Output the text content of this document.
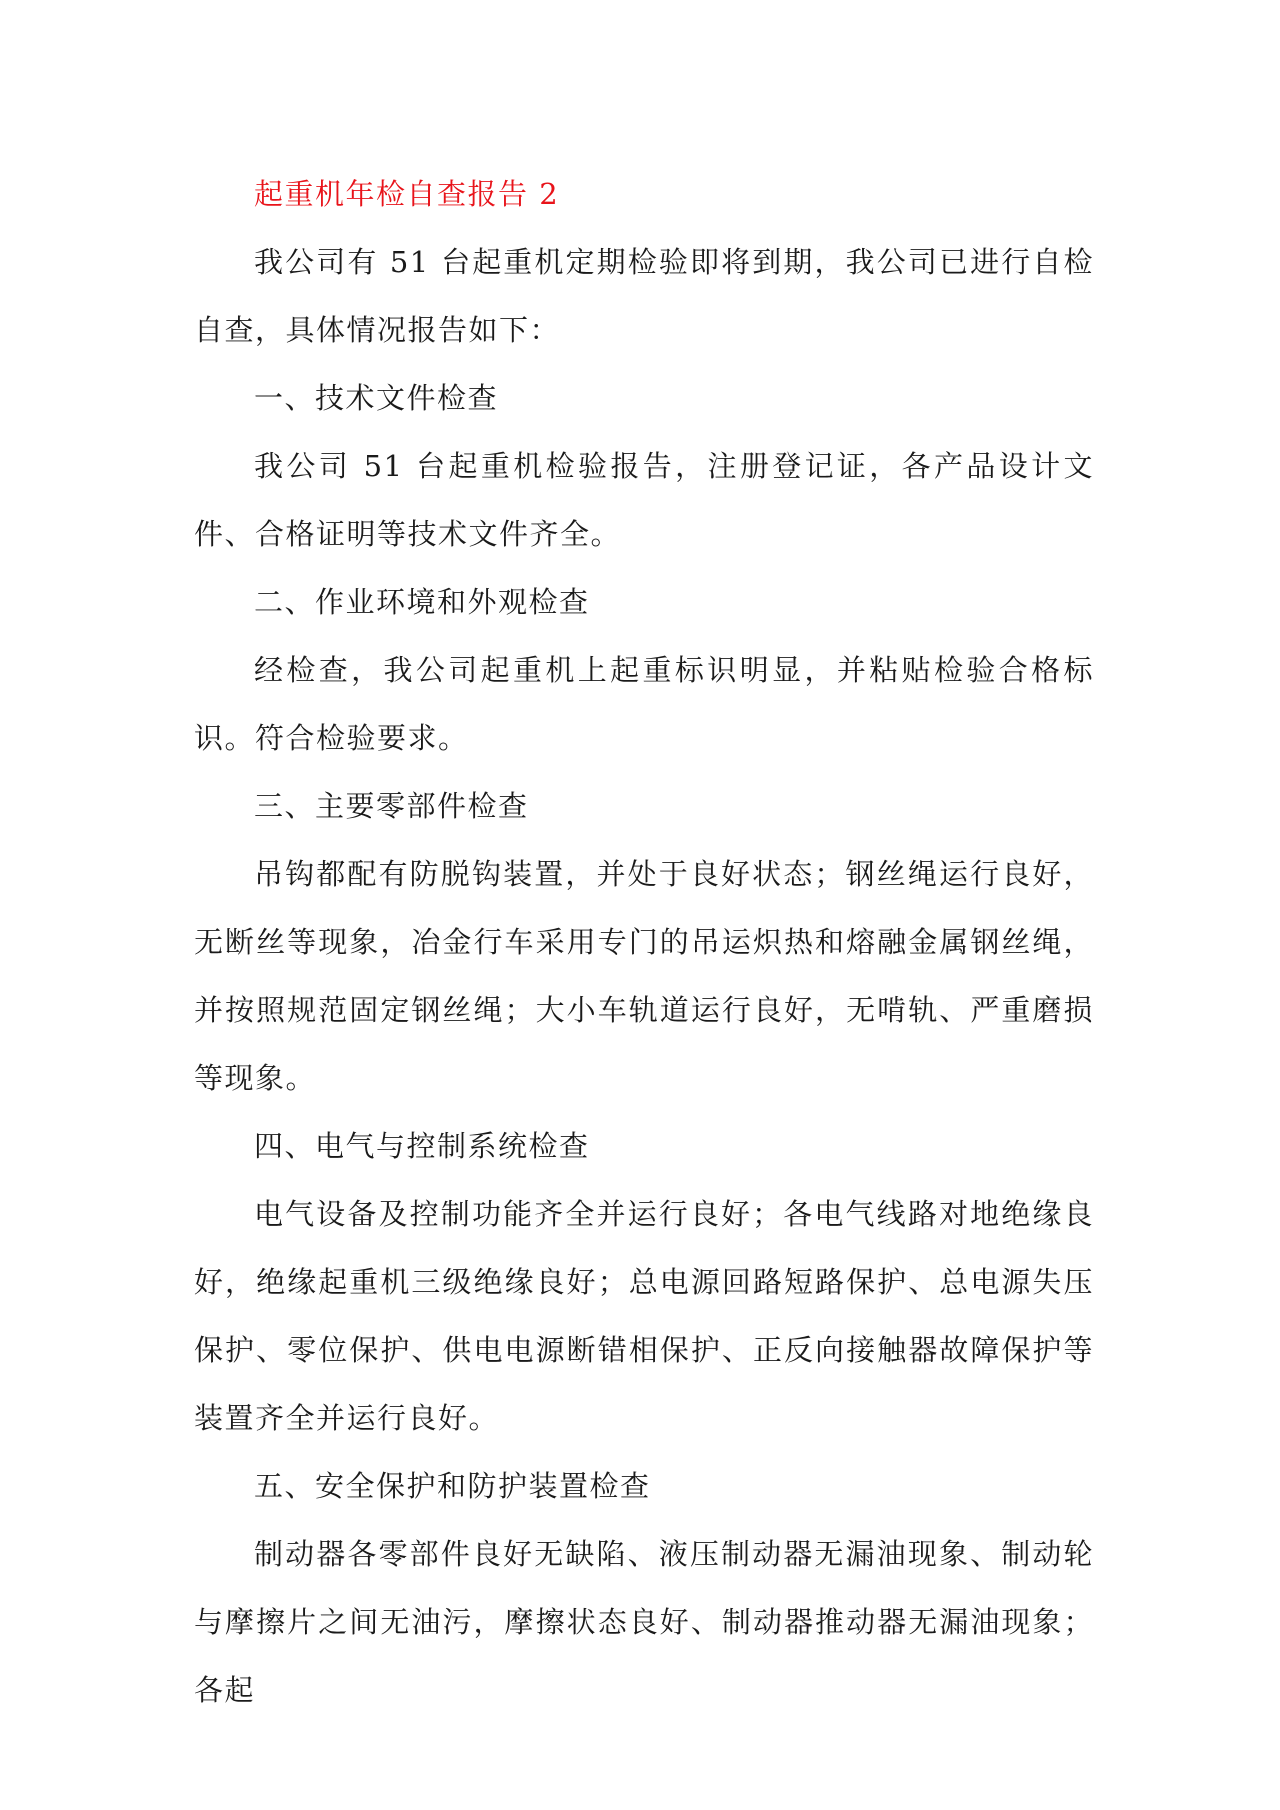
起重机年检自查报告 2

我公司有 51 台起重机定期检验即将到期，我公司已进行自检自查，具体情况报告如下：

一、技术文件检查

我公司 51 台起重机检验报告，注册登记证，各产品设计文件、合格证明等技术文件齐全。

二、作业环境和外观检查

经检查，我公司起重机上起重标识明显，并粘贴检验合格标识。符合检验要求。

三、主要零部件检查

吊钩都配有防脱钩装置，并处于良好状态；钢丝绳运行良好，无断丝等现象，冶金行车采用专门的吊运炽热和熔融金属钢丝绳，并按照规范固定钢丝绳；大小车轨道运行良好，无啃轨、严重磨损等现象。

四、电气与控制系统检查

电气设备及控制功能齐全并运行良好；各电气线路对地绝缘良好，绝缘起重机三级绝缘良好；总电源回路短路保护、总电源失压保护、零位保护、供电电源断错相保护、正反向接触器故障保护等装置齐全并运行良好。

五、安全保护和防护装置检查

制动器各零部件良好无缺陷、液压制动器无漏油现象、制动轮与摩擦片之间无油污，摩擦状态良好、制动器推动器无漏油现象；各起
